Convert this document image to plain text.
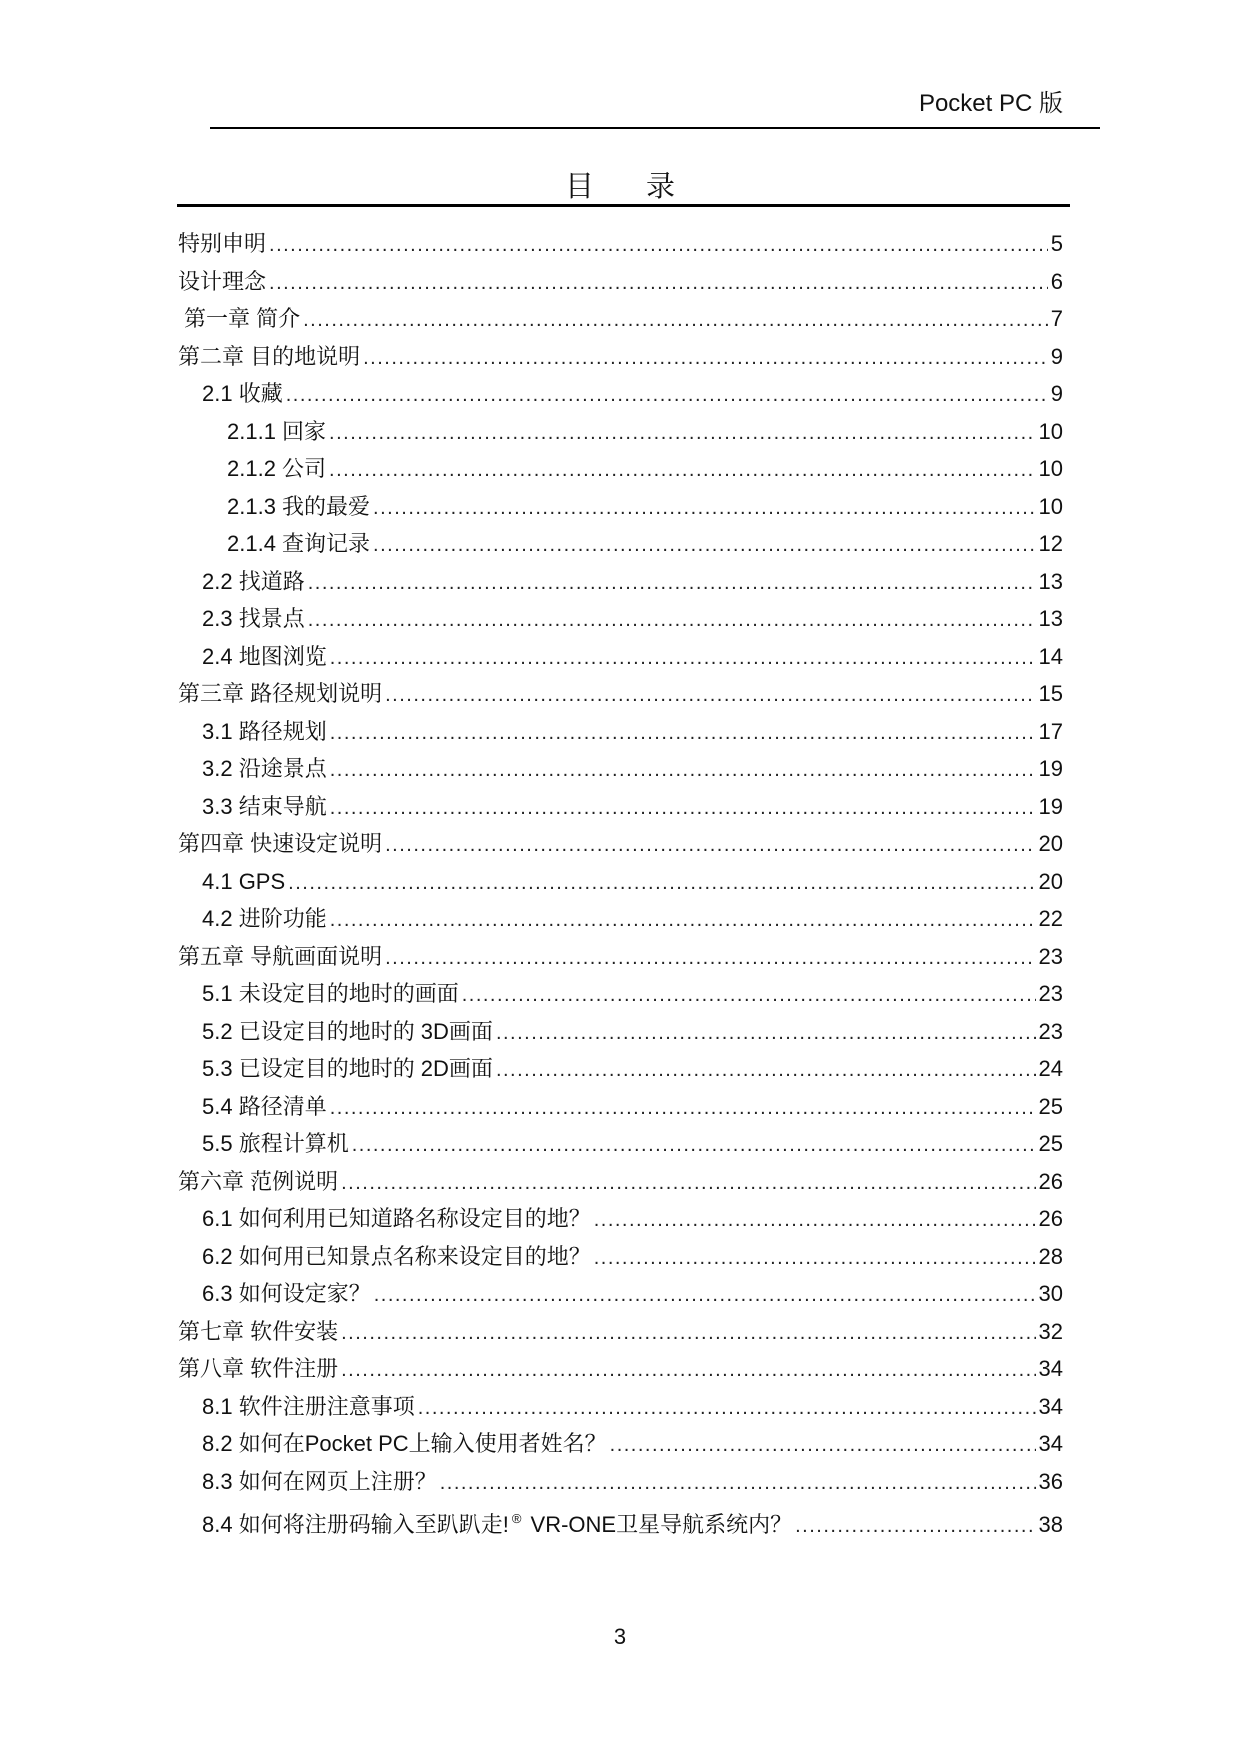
Pocket PC 版
目 录
特别申明 .....	5
设计理念 .....	6
第一章 简介 .....	7
第二章 目的地说明 .....	9
2.1 收藏 .....	9
2.1.1 回家 .....	10
2.1.2 公司 .....	10
2.1.3 我的最爱 .....	10
2.1.4 查询记录 .....	12
2.2 找道路 .....	13
2.3 找景点 .....	13
2.4 地图浏览 .....	14
第三章 路径规划说明 .....	15
3.1 路径规划 .....	17
3.2 沿途景点 .....	19
3.3 结束导航 .....	19
第四章 快速设定说明 .....	20
4.1 GPS .....	20
4.2 进阶功能 .....	22
第五章 导航画面说明 .....	23
5.1 未设定目的地时的画面 .....	23
5.2 已设定目的地时的 3D画面 .....	23
5.3 已设定目的地时的 2D画面 .....	24
5.4 路径清单 .....	25
5.5 旅程计算机 .....	25
第六章 范例说明 .....	26
6.1 如何利用已知道路名称设定目的地？ .....	26
6.2 如何用已知景点名称来设定目的地？ .....	28
6.3 如何设定家？ .....	30
第七章 软件安装 .....	32
第八章 软件注册 .....	34
8.1 软件注册注意事项 .....	34
8.2 如何在Pocket PC上输入使用者姓名？ .....	34
8.3 如何在网页上注册？ .....	36
8.4 如何将注册码输入至趴趴走! ® VR-ONE卫星导航系统内？ .....	38
3
